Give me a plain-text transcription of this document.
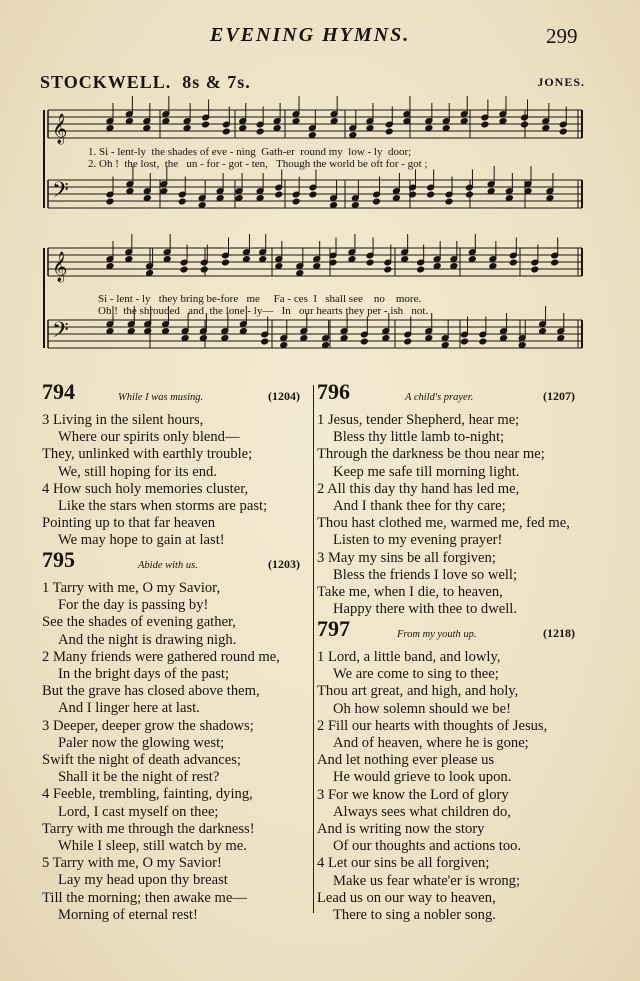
EVENING HYMNS.	299
STOCKWELL. 8s & 7s.	JONES.
𝄞
𝄢
𝄞
𝄢
1. Si - lent-ly  the shades of eve - ning  Gath-er  round my  low - ly  door;
2. Oh !  the lost,  the   un - for - got - ten,   Though the world be oft for - got ;
Si - lent - ly   they bring be-fore   me     Fa - ces  I   shall see    no    more.
Oh !  the shrouded   and  the lone - ly—   In   our hearts they per - ish   not.
794	While I was musing.	(1204)
3 Living in the silent hours,
Where our spirits only blend—
They, unlinked with earthly trouble;
We, still hoping for its end.
4 How such holy memories cluster,
Like the stars when storms are past;
Pointing up to that far heaven
We may hope to gain at last!
795	Abide with us.	(1203)
1 Tarry with me, O my Savior,
For the day is passing by!
See the shades of evening gather,
And the night is drawing nigh.
2 Many friends were gathered round me,
In the bright days of the past;
But the grave has closed above them,
And I linger here at last.
3 Deeper, deeper grow the shadows;
Paler now the glowing west;
Swift the night of death advances;
Shall it be the night of rest?
4 Feeble, trembling, fainting, dying,
Lord, I cast myself on thee;
Tarry with me through the darkness!
While I sleep, still watch by me.
5 Tarry with me, O my Savior!
Lay my head upon thy breast
Till the morning; then awake me—
Morning of eternal rest!
796	A child's prayer.	(1207)
1 Jesus, tender Shepherd, hear me;
Bless thy little lamb to-night;
Through the darkness be thou near me;
Keep me safe till morning light.
2 All this day thy hand has led me,
And I thank thee for thy care;
Thou hast clothed me, warmed me, fed me,
Listen to my evening prayer!
3 May my sins be all forgiven;
Bless the friends I love so well;
Take me, when I die, to heaven,
Happy there with thee to dwell.
797	From my youth up.	(1218)
1 Lord, a little band, and lowly,
We are come to sing to thee;
Thou art great, and high, and holy,
Oh how solemn should we be!
2 Fill our hearts with thoughts of Jesus,
And of heaven, where he is gone;
And let nothing ever please us
He would grieve to look upon.
3 For we know the Lord of glory
Always sees what children do,
And is writing now the story
Of our thoughts and actions too.
4 Let our sins be all forgiven;
Make us fear whate'er is wrong;
Lead us on our way to heaven,
There to sing a nobler song.
